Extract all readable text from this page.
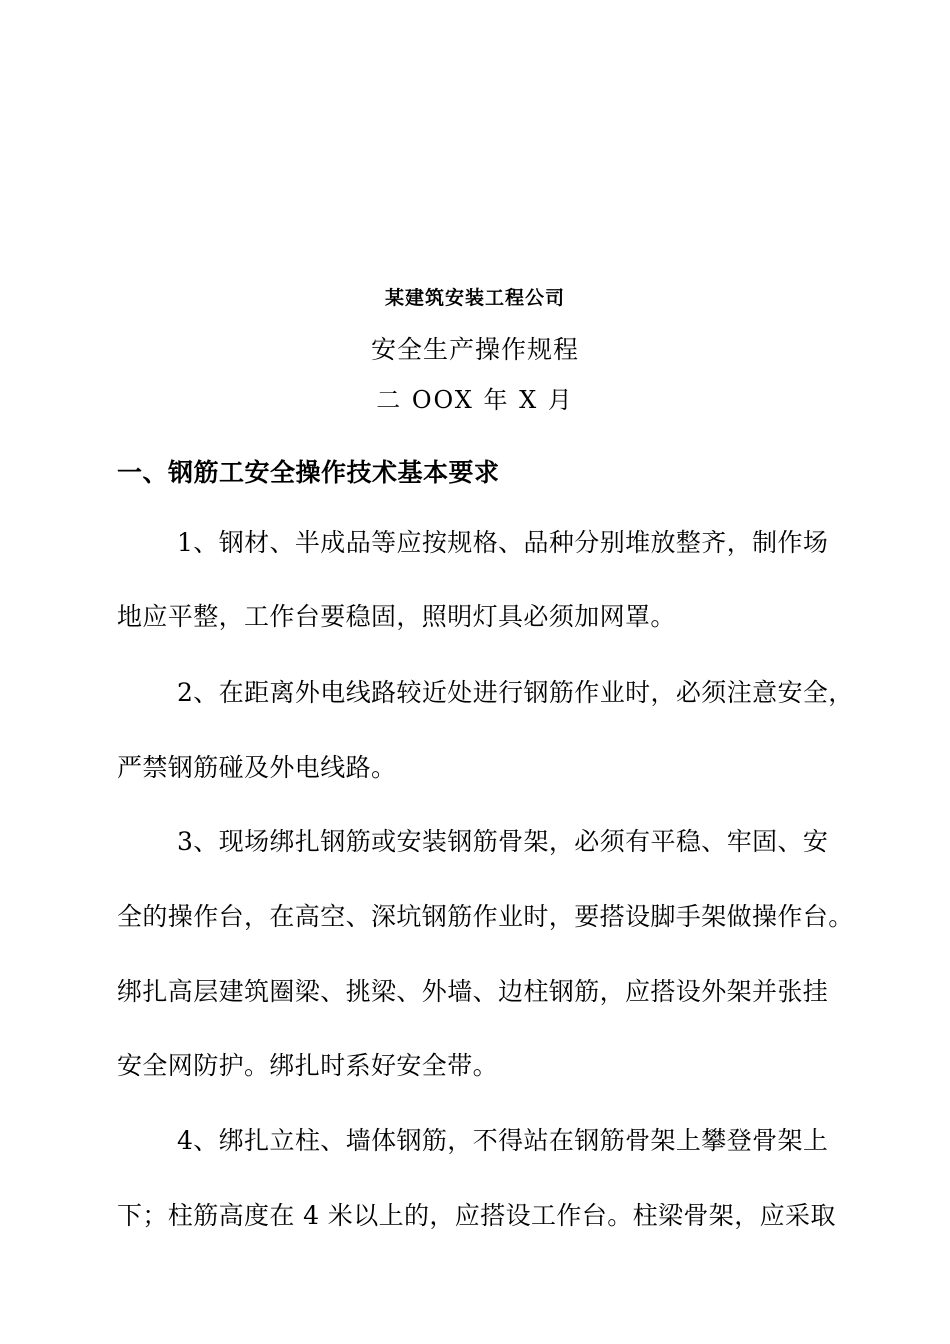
某建筑安装工程公司
安全生产操作规程
二 OOX 年 X 月
一、钢筋工安全操作技术基本要求
1、钢材、半成品等应按规格、品种分别堆放整齐，制作场
地应平整，工作台要稳固，照明灯具必须加网罩。
2、在距离外电线路较近处进行钢筋作业时，必须注意安全，
严禁钢筋碰及外电线路。
3、现场绑扎钢筋或安装钢筋骨架，必须有平稳、牢固、安
全的操作台，在高空、深坑钢筋作业时，要搭设脚手架做操作台。
绑扎高层建筑圈梁、挑梁、外墙、边柱钢筋，应搭设外架并张挂
安全网防护。绑扎时系好安全带。
4、绑扎立柱、墙体钢筋，不得站在钢筋骨架上攀登骨架上
下；柱筋高度在 4 米以上的，应搭设工作台。柱梁骨架，应采取
